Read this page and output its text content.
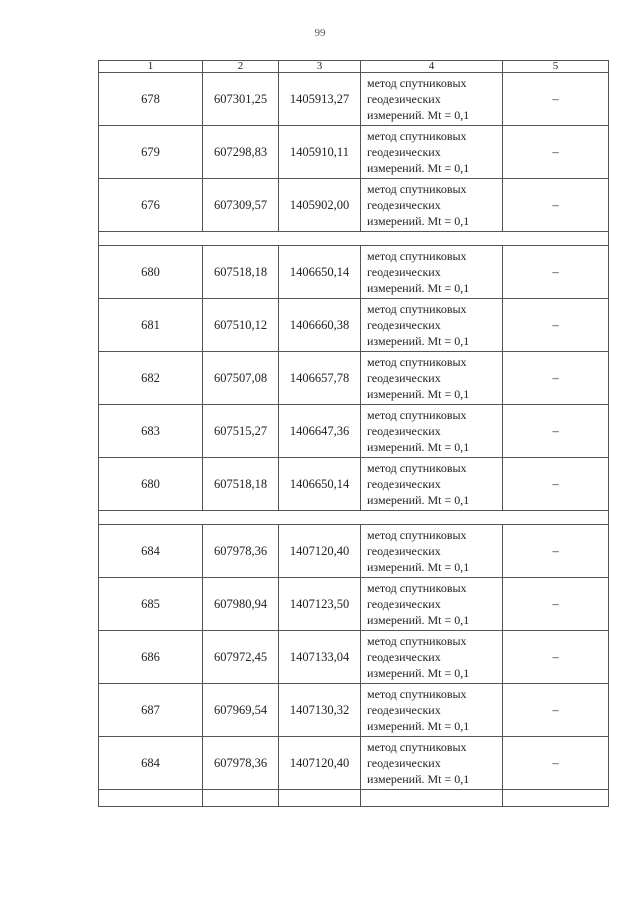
99
1	2	3	4	5
678	607301,25	1405913,27	метод спутниковых
геодезических
измерений. Mt = 0,1	–
679	607298,83	1405910,11	метод спутниковых
геодезических
измерений. Mt = 0,1	–
676	607309,57	1405902,00	метод спутниковых
геодезических
измерений. Mt = 0,1	–

680	607518,18	1406650,14	метод спутниковых
геодезических
измерений. Mt = 0,1	–
681	607510,12	1406660,38	метод спутниковых
геодезических
измерений. Mt = 0,1	–
682	607507,08	1406657,78	метод спутниковых
геодезических
измерений. Mt = 0,1	–
683	607515,27	1406647,36	метод спутниковых
геодезических
измерений. Mt = 0,1	–
680	607518,18	1406650,14	метод спутниковых
геодезических
измерений. Mt = 0,1	–

684	607978,36	1407120,40	метод спутниковых
геодезических
измерений. Mt = 0,1	–
685	607980,94	1407123,50	метод спутниковых
геодезических
измерений. Mt = 0,1	–
686	607972,45	1407133,04	метод спутниковых
геодезических
измерений. Mt = 0,1	–
687	607969,54	1407130,32	метод спутниковых
геодезических
измерений. Mt = 0,1	–
684	607978,36	1407120,40	метод спутниковых
геодезических
измерений. Mt = 0,1	–
